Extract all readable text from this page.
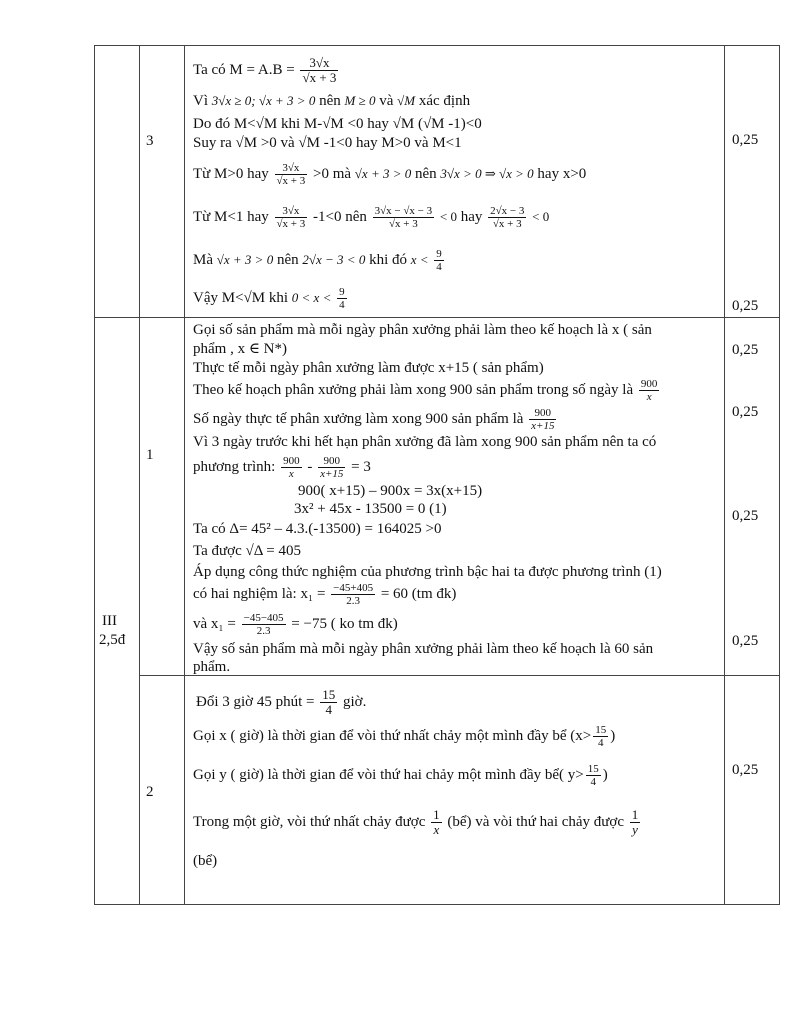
3
Ta có $M = A.B = \frac{3√x}{√x + 3}$
Vì 3√x ≥ 0; √x + 3 > 0 nên M ≥ 0 và √M xác định
Do đó M<√M khi M-√M <0 hay √M (√M -1)<0
Suy ra √M >0 và √M -1<0 hay M>0 và M<1
Từ M>0 hay $\frac{3√x}{√x + 3} >0$ mà √x + 3 > 0 nên 3√x > 0 ⇒ √x > 0 hay x>0
Từ M<1 hay $\frac{3√x}{√x + 3} -1<0$ nên $\frac{3√x - √x - 3}{√x + 3} < 0$ hay $\frac{2√x - 3}{√x + 3} < 0$
Mà √x + 3 > 0 nên 2√x − 3 < 0 khi đó $x < \frac{9}{4}$
Vậy M<√M khi $0 < x < \frac{9}{4}$
0,25
0,25
III
2,5đ
1
Gọi số sản phẩm mà mỗi ngày phân xưởng phải làm theo kế hoạch là x ( sản
phẩm , x ∈ N*)
Thực tế mỗi ngày phân xưởng làm được x+15 ( sản phẩm)
Theo kế hoạch phân xưởng phải làm xong 900 sản phẩm trong số ngày là $\frac{900}{x}$
Số ngày thực tế phân xưởng làm xong 900 sản phẩm là $\frac{900}{x+15}$
Vì 3 ngày trước khi hết hạn phân xưởng đã làm xong 900 sản phẩm nên ta có
phương trình: $\frac{900}{x} - \frac{900}{x+15} = 3$
900( x+15) – 900x = 3x(x+15)
3x² + 45x - 13500 = 0 (1)
Ta có Δ= 45² – 4.3.(-13500) = 164025 >0
Ta được √Δ = 405
Áp dụng công thức nghiệm của phương trình bậc hai ta được phương trình (1)
có hai nghiệm là: $x_1 = \frac{-45+405}{2.3} = 60$ (tm đk)
và $x_1 = \frac{-45-405}{2.3} = -75$ ( ko tm đk)
Vậy số sản phẩm mà mỗi ngày phân xưởng phải làm theo kế hoạch là 60 sản
phẩm.
0,25
0,25
0,25
0,25
2
Đổi 3 giờ 45 phút = $\frac{15}{4}$ giờ.
Gọi x ( giờ) là thời gian để vòi thứ nhất chảy một mình đầy bể ($x> \frac{15}{4}$ )
Gọi y ( giờ) là thời gian để vòi thứ hai chảy một mình đầy bể( $y> \frac{15}{4}$ )
Trong một giờ, vòi thứ nhất chảy được $\frac{1}{x}$ (bể) và vòi thứ hai chảy được $\frac{1}{y}$
(bể)
0,25
